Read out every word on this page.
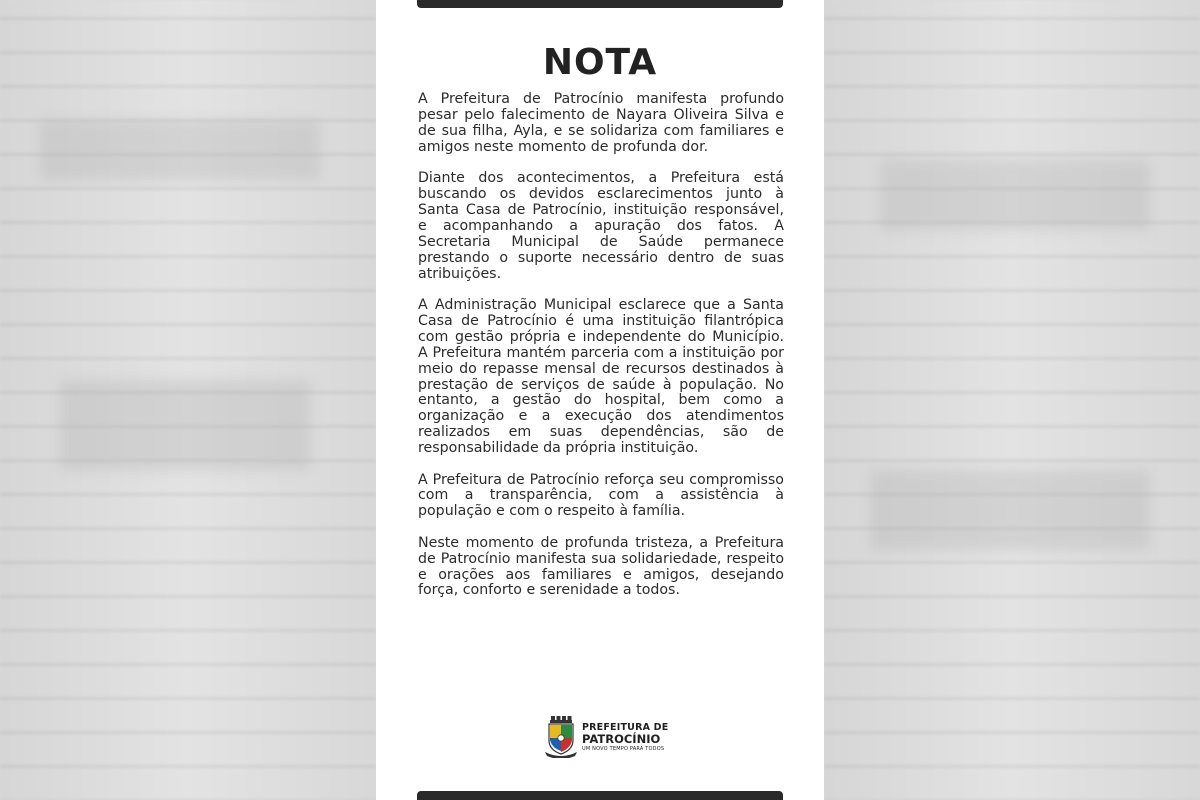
NOTA

A Prefeitura de Patrocínio manifesta profundo pesar pelo falecimento de Nayara Oliveira Silva e de sua filha, Ayla, e se solidariza com familiares e amigos neste momento de profunda dor.

Diante dos acontecimentos, a Prefeitura está buscando os devidos esclarecimentos junto à Santa Casa de Patrocínio, instituição responsável, e acompanhando a apuração dos fatos. A Secretaria Municipal de Saúde permanece prestando o suporte necessário dentro de suas atribuições.

A Administração Municipal esclarece que a Santa Casa de Patrocínio é uma instituição filantrópica com gestão própria e independente do Município. A Prefeitura mantém parceria com a instituição por meio do repasse mensal de recursos destinados à prestação de serviços de saúde à população. No entanto, a gestão do hospital, bem como a organização e a execução dos atendimentos realizados em suas dependências, são de responsabilidade da própria instituição.

A Prefeitura de Patrocínio reforça seu compromisso com a transparência, com a assistência à população e com o respeito à família.

Neste momento de profunda tristeza, a Prefeitura de Patrocínio manifesta sua solidariedade, respeito e orações aos familiares e amigos, desejando força, conforto e serenidade a todos.

PREFEITURA DE
PATROCÍNIO
UM NOVO TEMPO PARA TODOS
